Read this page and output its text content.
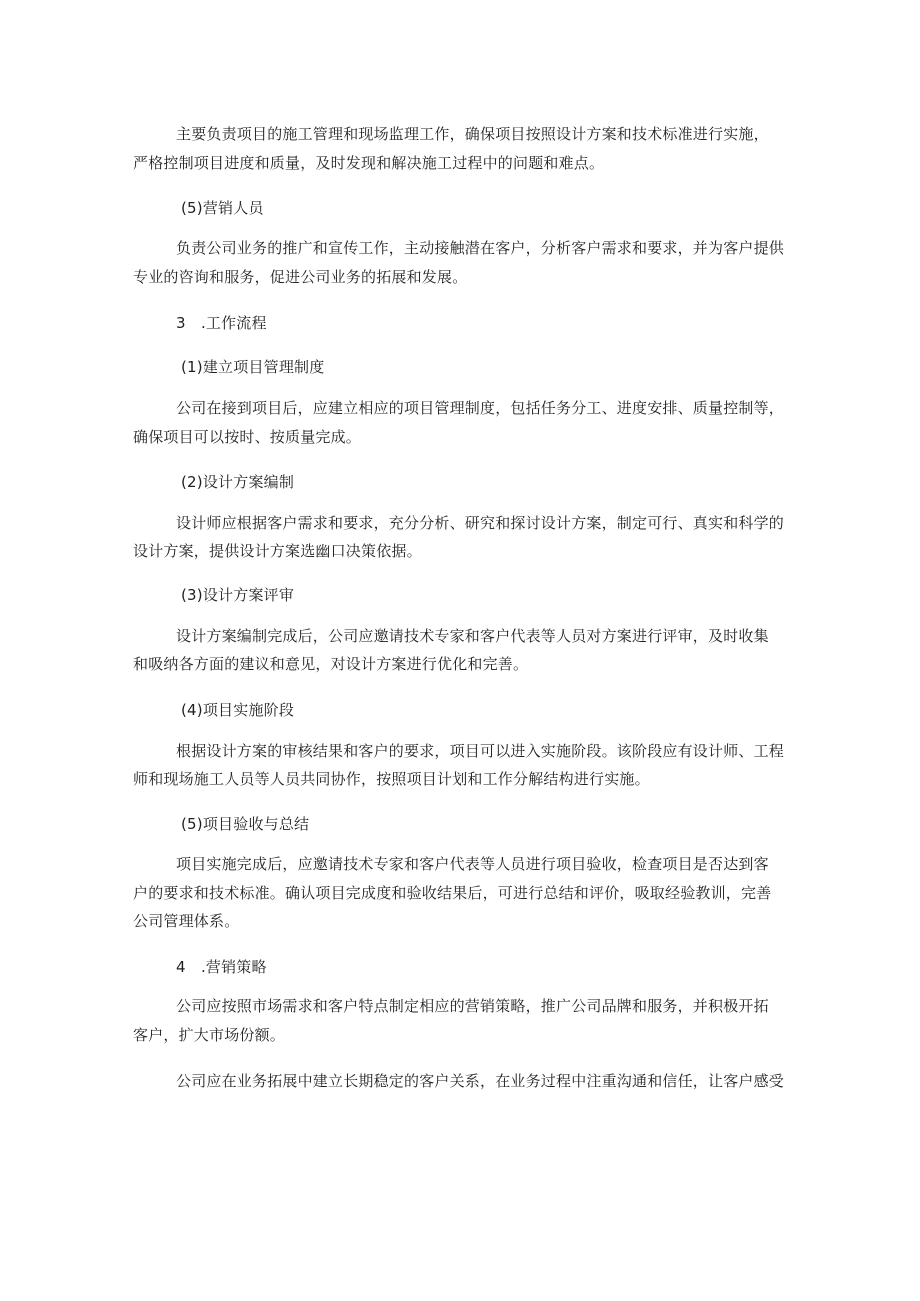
主要负责项目的施工管理和现场监理工作，确保项目按照设计方案和技术标准进行实施，
严格控制项目进度和质量，及时发现和解决施工过程中的问题和难点。
(5)营销人员
负责公司业务的推广和宣传工作，主动接触潜在客户，分析客户需求和要求，并为客户提供
专业的咨询和服务，促进公司业务的拓展和发展。
3　.工作流程
(1)建立项目管理制度
公司在接到项目后，应建立相应的项目管理制度，包括任务分工、进度安排、质量控制等，
确保项目可以按时、按质量完成。
(2)设计方案编制
设计师应根据客户需求和要求，充分分析、研究和探讨设计方案，制定可行、真实和科学的
设计方案，提供设计方案选幽口决策依据。
(3)设计方案评审
设计方案编制完成后，公司应邀请技术专家和客户代表等人员对方案进行评审，及时收集
和吸纳各方面的建议和意见，对设计方案进行优化和完善。
(4)项目实施阶段
根据设计方案的审核结果和客户的要求，项目可以进入实施阶段。该阶段应有设计师、工程
师和现场施工人员等人员共同协作，按照项目计划和工作分解结构进行实施。
(5)项目验收与总结
项目实施完成后，应邀请技术专家和客户代表等人员进行项目验收，检查项目是否达到客
户的要求和技术标准。确认项目完成度和验收结果后，可进行总结和评价，吸取经验教训，完善
公司管理体系。
4　.营销策略
公司应按照市场需求和客户特点制定相应的营销策略，推广公司品牌和服务，并积极开拓
客户，扩大市场份额。
公司应在业务拓展中建立长期稳定的客户关系，在业务过程中注重沟通和信任，让客户感受
